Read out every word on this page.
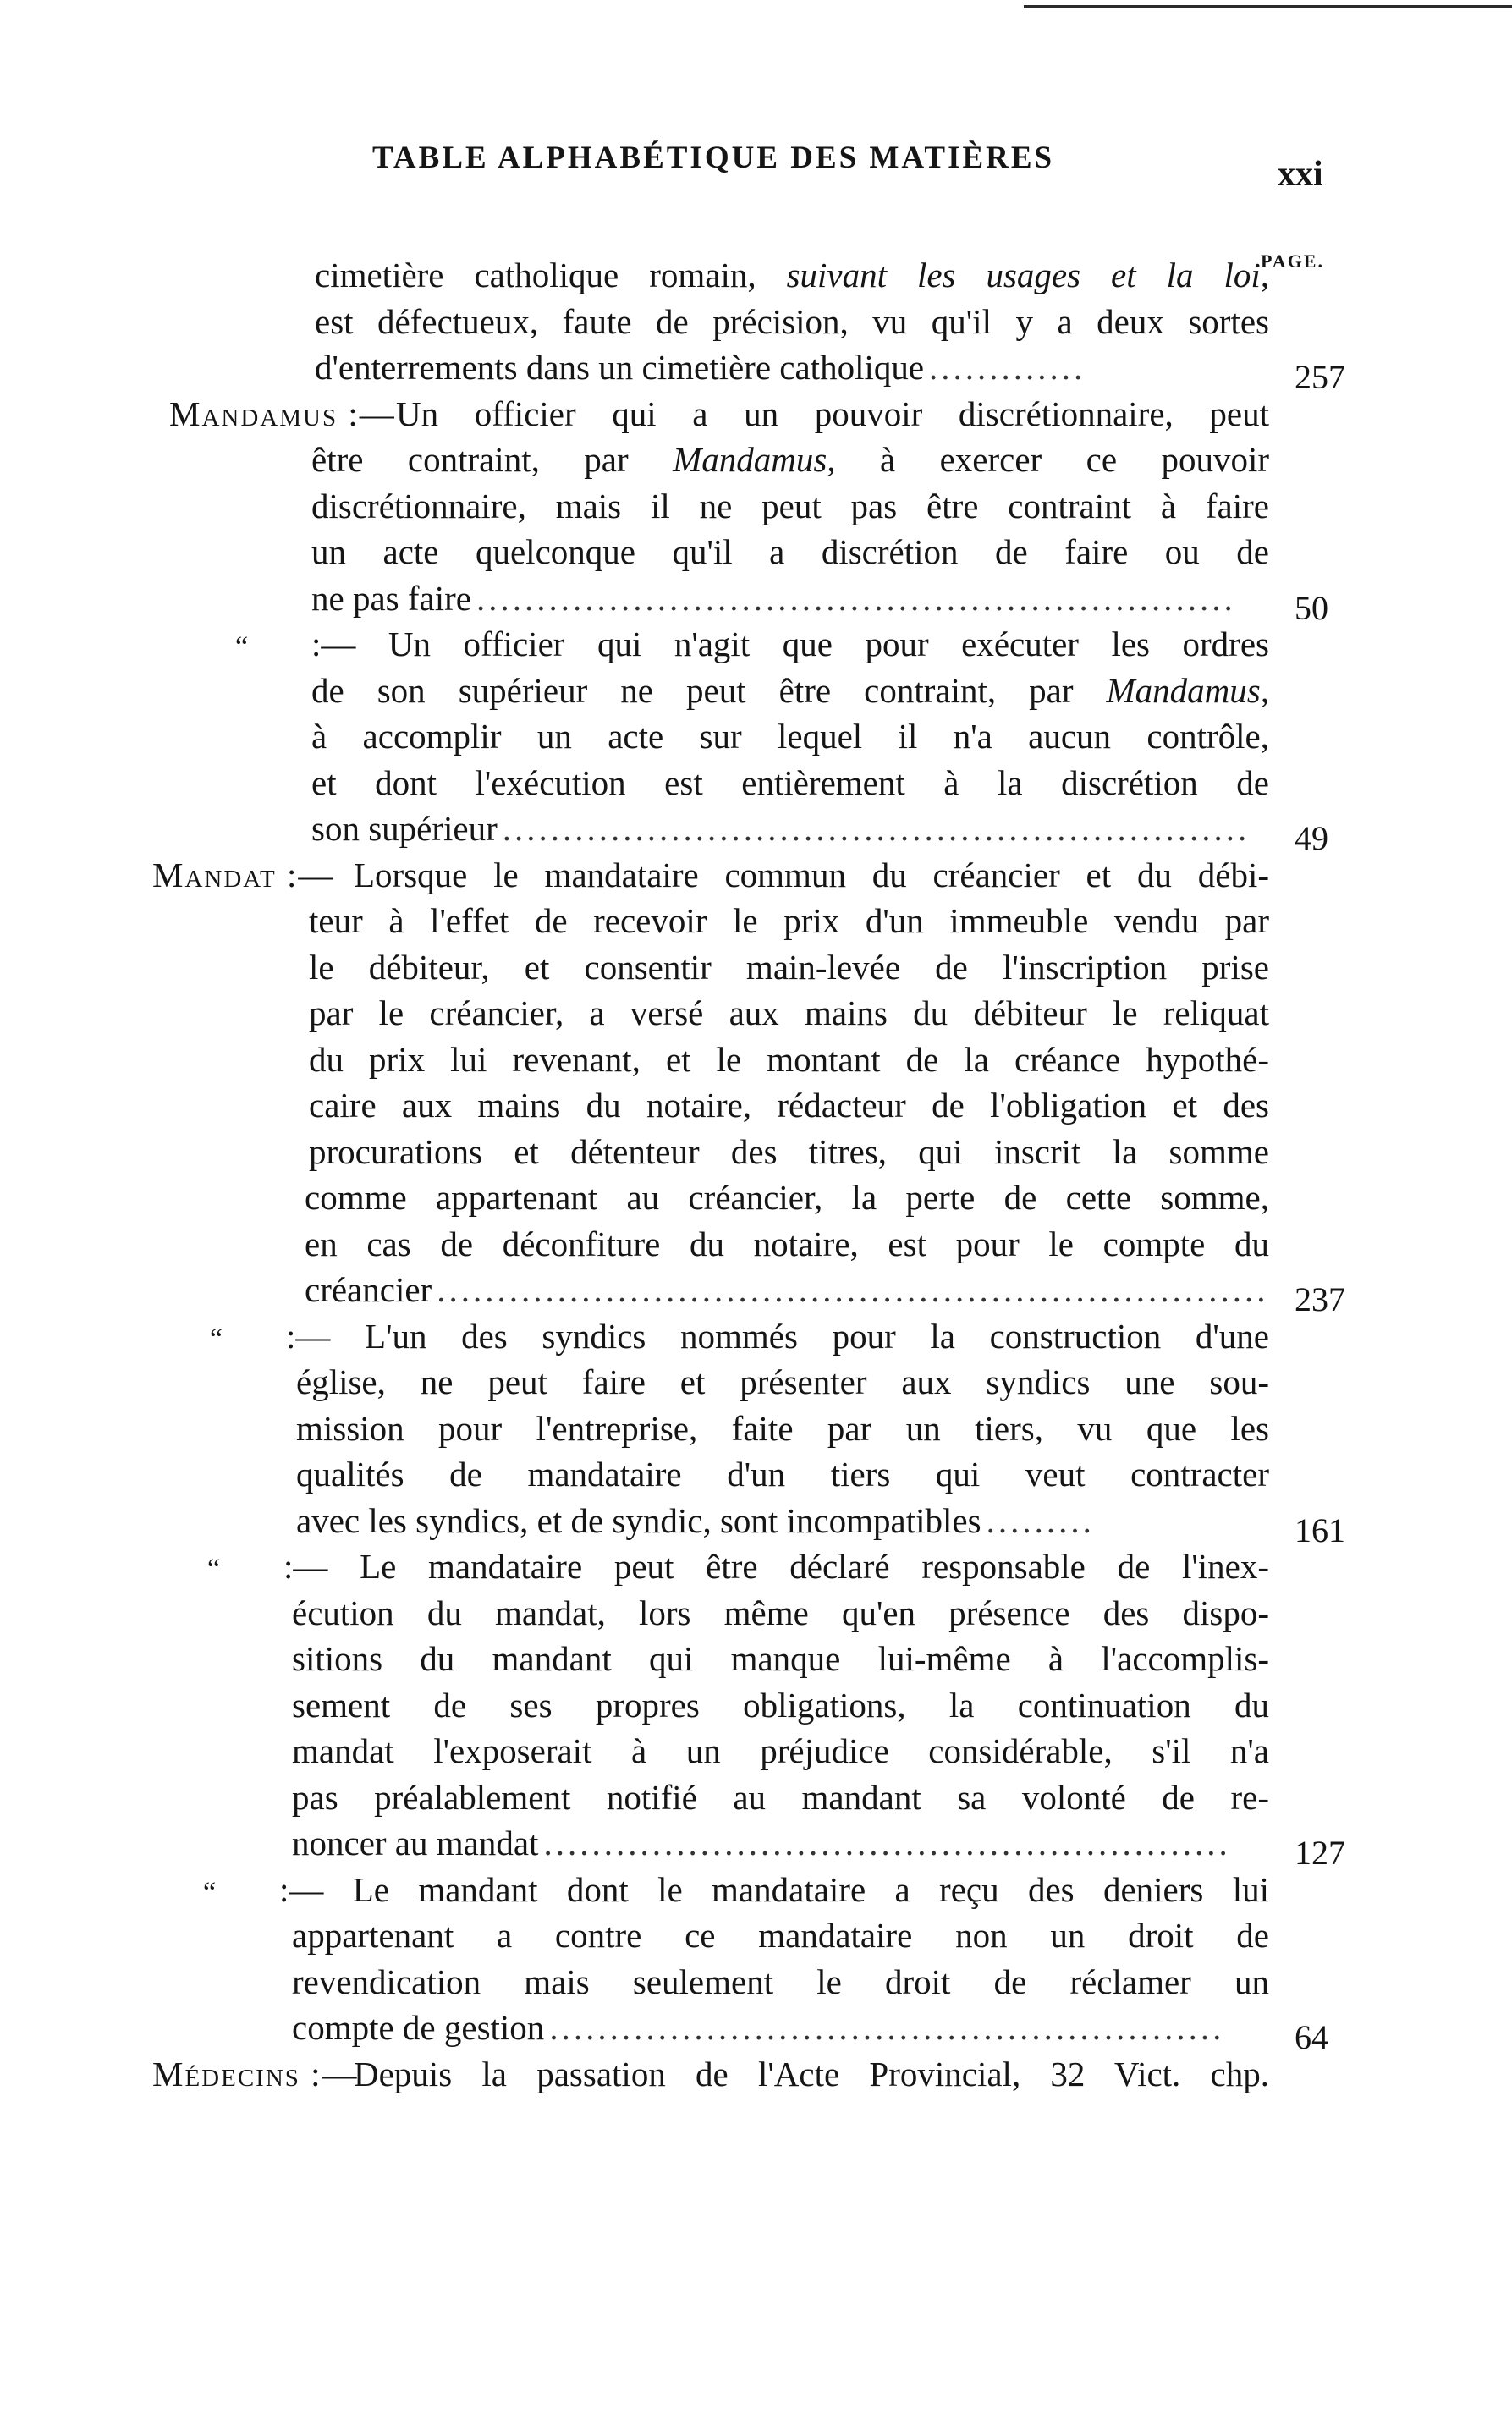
TABLE ALPHABÉTIQUE DES MATIÈRES	xxi
PAGE.
cimetière catholique romain, suivant les usages et la loi,
est défectueux, faute de précision, vu qu'il y a deux sortes
d'enterrements dans un cimetière catholique .............	257
Mandamus :— Un officier qui a un pouvoir discrétionnaire, peut
être contraint, par Mandamus, à exercer ce pouvoir
discrétionnaire, mais il ne peut pas être contraint à faire
un acte quelconque qu'il a discrétion de faire ou de
ne pas faire ...............................................................	50
“ :— Un officier qui n'agit que pour exécuter les ordres
de son supérieur ne peut être contraint, par Mandamus,
à accomplir un acte sur lequel il n'a aucun contrôle,
et dont l'exécution est entièrement à la discrétion de
son supérieur ..............................................................	49
Mandat :— Lorsque le mandataire commun du créancier et du débi-
teur à l'effet de recevoir le prix d'un immeuble vendu par
le débiteur, et consentir main-levée de l'inscription prise
par le créancier, a versé aux mains du débiteur le reliquat
du prix lui revenant, et le montant de la créance hypothé-
caire aux mains du notaire, rédacteur de l'obligation et des
procurations et détenteur des titres, qui inscrit la somme
comme appartenant au créancier, la perte de cette somme,
en cas de déconfiture du notaire, est pour le compte du
créancier ..................................................................... 237
“ :— L'un des syndics nommés pour la construction d'une
église, ne peut faire et présenter aux syndics une sou-
mission pour l'entreprise, faite par un tiers, vu que les
qualités de mandataire d'un tiers qui veut contracter
avec les syndics, et de syndic, sont incompatibles .........	161
“ :— Le mandataire peut être déclaré responsable de l'inex-
écution du mandat, lors même qu'en présence des dispo-
sitions du mandant qui manque lui-même à l'accomplis-
sement de ses propres obligations, la continuation du
mandat l'exposerait à un préjudice considérable, s'il n'a
pas préalablement notifié au mandant sa volonté de re-
noncer au mandat .........................................................	127
“ :— Le mandant dont le mandataire a reçu des deniers lui
appartenant a contre ce mandataire non un droit de
revendication mais seulement le droit de réclamer un
compte de gestion ........................................................	64
Médecins :—
Depuis la passation de l'Acte Provincial, 32 Vict. chp.
